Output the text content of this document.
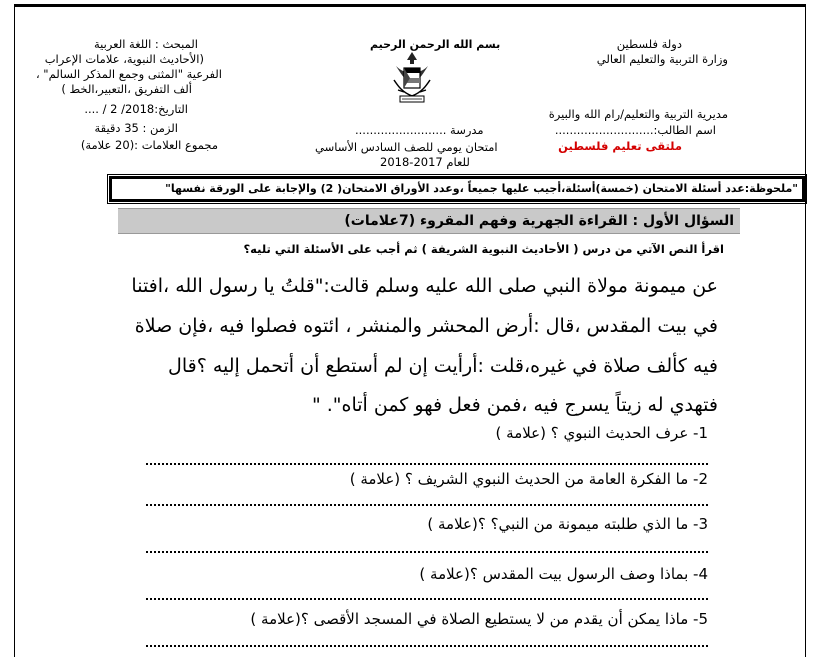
دولة فلسطين
وزارة التربية والتعليم العالي
مديرية التربية والتعليم/رام الله والبيرة
اسم الطالب:...........................
ملتقى تعليم فلسطين
بسم الله الرحمن الرحيم
مدرسة .........................
امتحان يومي للصف السادس الأساسي
للعام 2017-2018
المبحث : اللغة العربية
(الأحاديث النبوية، علامات الإعراب
الفرعية "المثنى وجمع المذكر السالم" ،
ألف التفريق ،التعبير،الخط )
التاريخ:2018/ 2 / ....
الزمن : 35 دقيقة
مجموع العلامات :(20 علامة)
"ملحوظة:عدد أسئلة الامتحان (خمسة)أسئلة،أجيب عليها جميعاً ،وعدد الأوراق الامتحان( 2) والإجابة على الورقة نفسها"
السؤال الأول : القراءة الجهرية وفهم المقروء (7علامات)
اقرأ النص الآتي من درس ( الأحاديث النبوية الشريفة ) ثم أجب على الأسئلة التي تليه؟
عن ميمونة مولاة النبي صلى الله عليه وسلم قالت:"قلتُ يا رسول الله ،افتنا
في بيت المقدس ،قال :أرض المحشر والمنشر ، ائتوه فصلوا فيه ،فإن صلاة
فيه كألف صلاة في غيره،قلت :أرأيت إن لم أستطع أن أتحمل إليه ؟قال
فتهدي له زيتاً يسرج فيه ،فمن فعل فهو كمن أتاه". "
1- عرف الحديث النبوي ؟ (علامة )
2- ما الفكرة العامة من الحديث النبوي الشريف ؟ (علامة )
3- ما الذي طلبته ميمونة من النبي؟ ؟(علامة )
4- بماذا وصف الرسول بيت المقدس ؟(علامة )
5- ماذا يمكن أن يقدم من لا يستطيع الصلاة في المسجد الأقصى ؟(علامة )
